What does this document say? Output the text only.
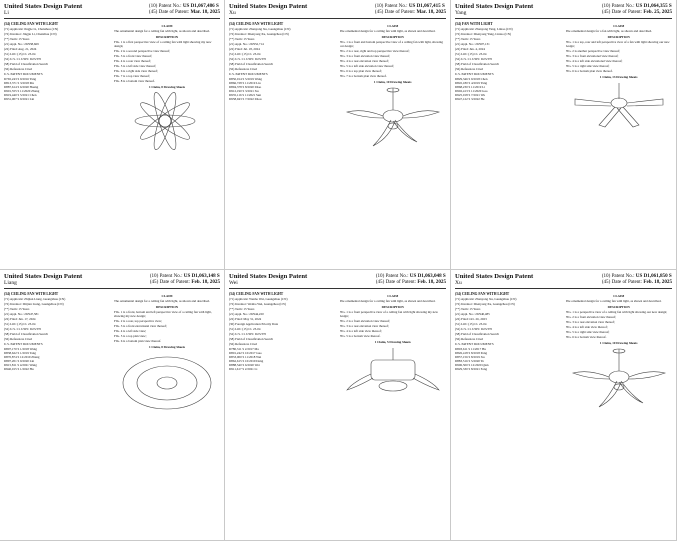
United States Design Patent
Li
(10) Patent No.: US D1,067,486 S
(45) Date of Patent: Mar. 18, 2025
(54) CEILING FAN WITH LIGHT
(71) Applicant: Jingjie Li, Chenzhou (CN)
(72) Inventor: Jingjie Li, Chenzhou (CN)
(**) Term: 15 Years
(21) Appl. No.: 29/958,669
(22) Filed: Aug. 21, 2024
(51) LOC (15) Cl. 23-04
(52) U.S. Cl. USPC D23/370
(58) Field of Classification Search
(56) References Cited
U.S. PATENT DOCUMENTS
D765,243 S 9/2016 Yang
D813,371 S 3/2018 Ma
D887,614 S 6/2020 Huang
D901,555 S 11/2020 Zhang
D919,440 S 5/2021 Chen
D931,007 S 9/2021 Lin
CLAIM
The ornamental design for a ceiling fan with light, as shown and described.
DESCRIPTION

FIG. 1 is a first perspective view of a ceiling fan with light showing my new design;

FIG. 2 is a second perspective view thereof;

FIG. 3 is a front view thereof;

FIG. 4 is a rear view thereof;

FIG. 5 is a left side view thereof;

FIG. 6 is a right side view thereof;

FIG. 7 is a top view thereof;

FIG. 8 is a bottom view thereof.

1 Claim, 8 Drawing Sheets
United States Design Patent
Xu
(10) Patent No.: US D1,067,415 S
(45) Date of Patent: Mar. 18, 2025
(54) CEILING FAN WITH LIGHT
(71) Applicant: Zhenyong Xu, Guangzhou (CN)
(72) Inventor: Zhenyong Xu, Guangzhou (CN)
(**) Term: 15 Years
(21) Appl. No.: 29/952,714
(22) Filed: Jul. 18, 2024
(51) LOC (15) Cl. 23-04
(52) U.S. Cl. USPC D23/370
(58) Field of Classification Search
(56) References Cited
U.S. PATENT DOCUMENTS
D850,014 S 5/2019 Wang
D866,728 S 11/2019 Liu
D894,378 S 8/2020 Zhao
D912,190 S 3/2021 Xu
D935,116 S 11/2021 Sun
D958,943 S 7/2022 Zhou
CLAIM
The ornamental design for a ceiling fan with light, as shown and described.
DESCRIPTION

FIG. 1 is a front and bottom perspective view of a ceiling fan with light, showing our design;

FIG. 2 is a rear, right and top perspective view thereof;

FIG. 3 is a front elevation view thereof;

FIG. 4 is a rear elevation view thereof;

FIG. 5 is a left side elevation view thereof;

FIG. 6 is a top plan view thereof;

FIG. 7 is a bottom plan view thereof.

1 Claim, 10 Drawing Sheets
United States Design Patent
Yang
(10) Patent No.: US D1,064,355 S
(45) Date of Patent: Feb. 25, 2025
(54) FAN WITH LIGHT
(71) Applicant: Zhenyong Yang, Lintao (CN)
(72) Inventor: Zhenyong Yang, Lintao (CN)
(**) Term: 15 Years
(21) Appl. No.: 29/907,131
(22) Filed: Jun. 4, 2024
(51) LOC (15) Cl. 23-04
(52) U.S. Cl. USPC D23/370
(58) Field of Classification Search
(56) References Cited
U.S. PATENT DOCUMENTS
D829,346 S 9/2018 Chen
D845,180 S 4/2019 Yang
D868,230 S 11/2019 Li
D902,413 S 11/2020 Gao
D925,018 S 7/2021 Wu
D947,122 S 3/2022 He
CLAIM
The ornamental design for a fan with light, as shown and described.
DESCRIPTION

FIG. 1 is a top, rear and left perspective view of a fan with light showing our new design;

FIG. 2 is another perspective view thereof;

FIG. 3 is a front elevational view thereof;

FIG. 4 is a left side elevational view thereof;

FIG. 5 is a right side view thereof;

FIG. 6 is a bottom plan view thereof.

1 Claim, 13 Drawing Sheets
United States Design Patent
Liang
(10) Patent No.: US D1,063,148 S
(45) Date of Patent: Feb. 18, 2025
(54) CEILING FAN WITH LIGHT
(71) Applicant: Zhijian Liang, Guangzhou (CN)
(72) Inventor: Zhijian Liang, Guangzhou (CN)
(**) Term: 15 Years
(21) Appl. No.: 29/947,581
(22) Filed: Jun. 17, 2024
(51) LOC (15) Cl. 23-04
(52) U.S. Cl. USPC D23/370
(58) Field of Classification Search
(56) References Cited
U.S. PATENT DOCUMENTS
D807,170 S 1/2018 Wang
D838,622 S 1/2019 Tang
D870,874 S 12/2019 Zhang
D897,201 S 9/2020 Lin
D915,811 S 4/2021 Wang
D940,015 S 1/2022 Hu
CLAIM
The ornamental design for a ceiling fan with light, as shown and described.
DESCRIPTION

FIG. 1 is a front, bottom and left perspective view of a ceiling fan with light, showing my new design;

FIG. 2 is a rear, top perspective view;

FIG. 3 is a front elevational view thereof;

FIG. 4 is a left side view;

FIG. 5 is a top plan view;

FIG. 6 is a bottom plan view thereof.

1 Claim, 8 Drawing Sheets
United States Design Patent
Wei
(10) Patent No.: US D1,063,048 S
(45) Date of Patent: Feb. 18, 2025
(54) CEILING FAN WITH LIGHT
(71) Applicant: Wenbo Wei, Guangzhou (CN)
(72) Inventor: Wenbo Wei, Guangzhou (CN)
(**) Term: 15 Years
(21) Appl. No.: 29/944,220
(22) Filed: May 31, 2024
(30) Foreign Application Priority Data
(51) LOC (15) Cl. 23-04
(52) U.S. Cl. USPC D23/370
(58) Field of Classification Search
(56) References Cited
D780,311 S 2/2017 Ma
D801,242 S 10/2017 Guo
D833,000 S 11/2018 Wei
D862,615 S 10/2019 Deng
D888,540 S 6/2020 Wei
D911,617 S 2/2021 Li
CLAIM
The ornamental design for a ceiling fan with light, as shown and described.
DESCRIPTION

FIG. 1 is a front perspective view of a ceiling fan with light showing my new design;

FIG. 2 is a front elevation view thereof;

FIG. 3 is a rear elevation view thereof;

FIG. 4 is a left side view thereof;

FIG. 5 is a bottom view thereof.

1 Claim, 5 Drawing Sheets
United States Design Patent
Xu
(10) Patent No.: US D1,061,850 S
(45) Date of Patent: Feb. 18, 2025
(54) CEILING FAN WITH LIGHT
(71) Applicant: Zhenyong Xu, Guangzhou (CN)
(72) Inventor: Zhenyong Xu, Guangzhou (CN)
(**) Term: 15 Years
(21) Appl. No.: 29/940,485
(22) Filed: Oct. 26, 2023
(51) LOC (15) Cl. 23-04
(52) U.S. Cl. USPC D23/370
(58) Field of Classification Search
(56) References Cited
U.S. PATENT DOCUMENTS
D803,611 S 11/2017 Hu
D826,418 S 8/2018 Peng
D857,156 S 8/2019 Xu
D883,516 S 5/2020 Ye
D906,500 S 12/2020 Qian
D929,330 S 8/2021 Feng
CLAIM
The ornamental design for a ceiling fan with light, as shown and described.
DESCRIPTION

FIG. 1 is a perspective view of a ceiling fan with light showing our new design;

FIG. 2 is a front elevation view thereof;

FIG. 3 is a rear elevation view thereof;

FIG. 4 is a left side view thereof;

FIG. 5 is a right side view thereof;

FIG. 6 is a bottom view thereof.

1 Claim, 10 Drawing Sheets
